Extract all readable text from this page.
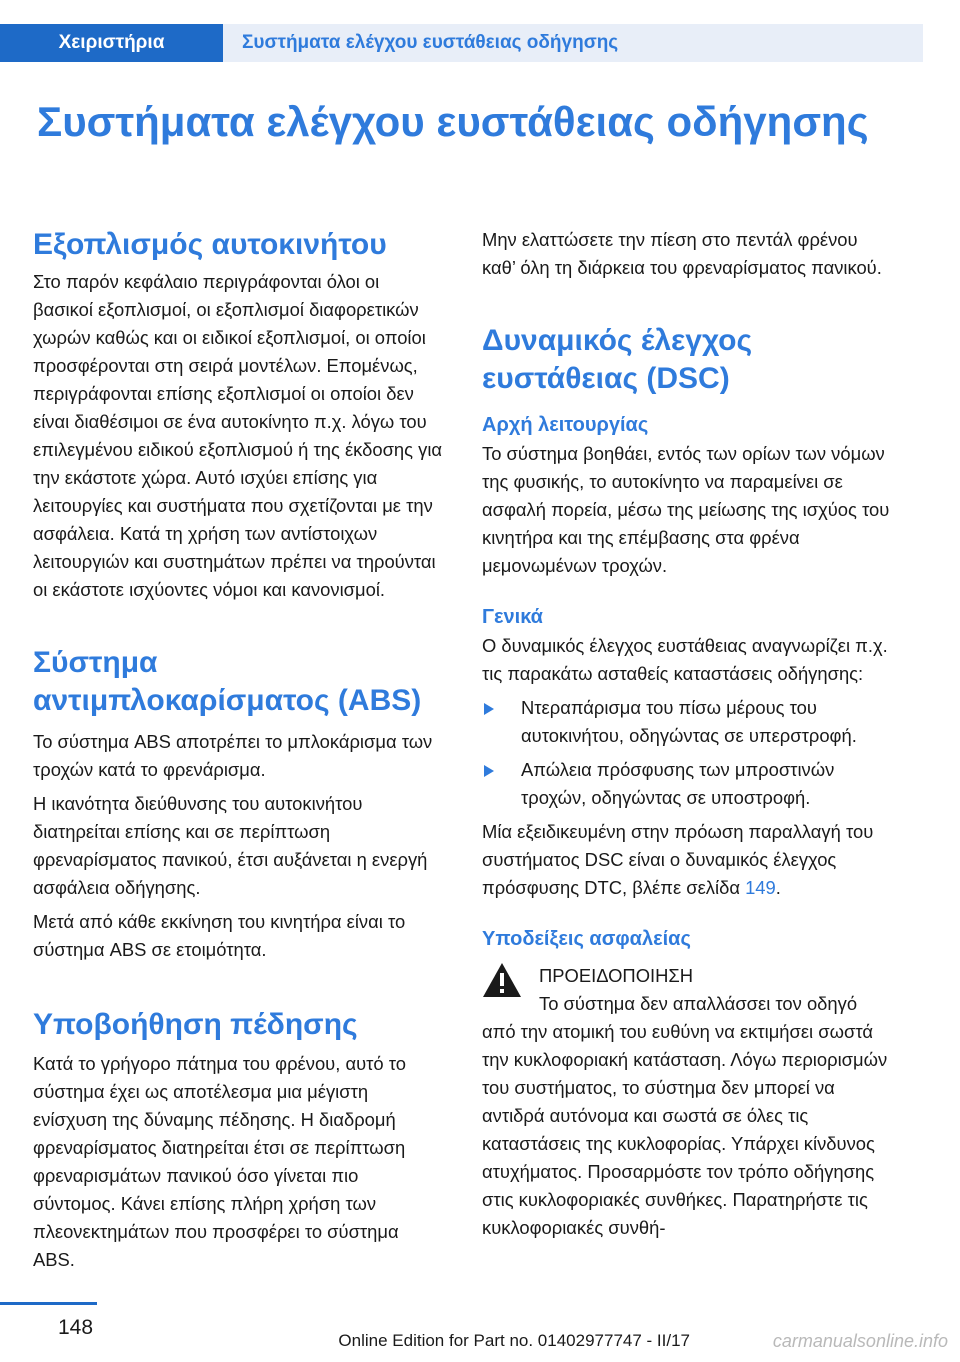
Χειριστήρια	Συστήματα ελέγχου ευστάθειας οδήγησης
Συστήματα ελέγχου ευστάθειας οδήγησης
Εξοπλισμός αυτοκινήτου

Στο παρόν κεφάλαιο περιγράφονται όλοι οι βασικοί εξοπλισμοί, οι εξοπλισμοί διαφορετικών χωρών καθώς και οι ειδικοί εξοπλισμοί, οι οποίοι προσφέρονται στη σειρά μοντέλων. Επομένως, περιγράφονται επίσης εξοπλισμοί οι οποίοι δεν είναι διαθέσιμοι σε ένα αυτοκίνητο π.χ. λόγω του επιλεγμένου ειδικού εξοπλισμού ή της έκδοσης για την εκάστοτε χώρα. Αυτό ισχύει επίσης για λειτουργίες και συστήματα που σχετίζονται με την ασφάλεια. Κατά τη χρήση των αντίστοιχων λειτουργιών και συστημάτων πρέπει να τηρούνται οι εκάστοτε ισχύοντες νόμοι και κανονισμοί.

Σύστημα αντιμπλοκαρίσματος (ABS)

Το σύστημα ABS αποτρέπει το μπλοκάρισμα των τροχών κατά το φρενάρισμα.

Η ικανότητα διεύθυνσης του αυτοκινήτου διατηρείται επίσης και σε περίπτωση φρεναρίσματος πανικού, έτσι αυξάνεται η ενεργή ασφάλεια οδήγησης.

Μετά από κάθε εκκίνηση του κινητήρα είναι το σύστημα ABS σε ετοιμότητα.

Υποβοήθηση πέδησης

Κατά το γρήγορο πάτημα του φρένου, αυτό το σύστημα έχει ως αποτέλεσμα μια μέγιστη ενίσχυση της δύναμης πέδησης. Η διαδρομή φρεναρίσματος διατηρείται έτσι σε περίπτωση φρεναρισμάτων πανικού όσο γίνεται πιο σύντομος. Κάνει επίσης πλήρη χρήση των πλεονεκτημάτων που προσφέρει το σύστημα ABS.

Μην ελαττώσετε την πίεση στο πεντάλ φρένου καθ’ όλη τη διάρκεια του φρεναρίσματος πανικού.

Δυναμικός έλεγχος ευστάθειας (DSC)
Αρχή λειτουργίας

Το σύστημα βοηθάει, εντός των ορίων των νόμων της φυσικής, το αυτοκίνητο να παραμείνει σε ασφαλή πορεία, μέσω της μείωσης της ισχύος του κινητήρα και της επέμβασης στα φρένα μεμονωμένων τροχών.

Γενικά

Ο δυναμικός έλεγχος ευστάθειας αναγνωρίζει π.χ. τις παρακάτω ασταθείς καταστάσεις οδήγησης:

Ντεραπάρισμα του πίσω μέρους του αυτοκινήτου, οδηγώντας σε υπερστροφή.

Απώλεια πρόσφυσης των μπροστινών τροχών, οδηγώντας σε υποστροφή.

Μία εξειδικευμένη στην πρόωση παραλλαγή του συστήματος DSC είναι ο δυναμικός έλεγχος πρόσφυσης DTC, βλέπε σελίδα 149.

Υποδείξεις ασφαλείας

ΠΡΟΕΙΔΟΠΟΙΗΣΗ

Το σύστημα δεν απαλλάσσει τον οδηγό

από την ατομική του ευθύνη να εκτιμήσει σωστά την κυκλοφοριακή κατάσταση. Λόγω περιορισμών του συστήματος, το σύστημα δεν μπορεί να αντιδρά αυτόνομα και σωστά σε όλες τις καταστάσεις της κυκλοφορίας. Υπάρχει κίνδυνος ατυχήματος. Προσαρμόστε τον τρόπο οδήγησης στις κυκλοφοριακές συνθήκες. Παρατηρήστε τις κυκλοφοριακές συνθή-

148
Online Edition for Part no. 01402977747 - II/17	carmanualsonline.info
